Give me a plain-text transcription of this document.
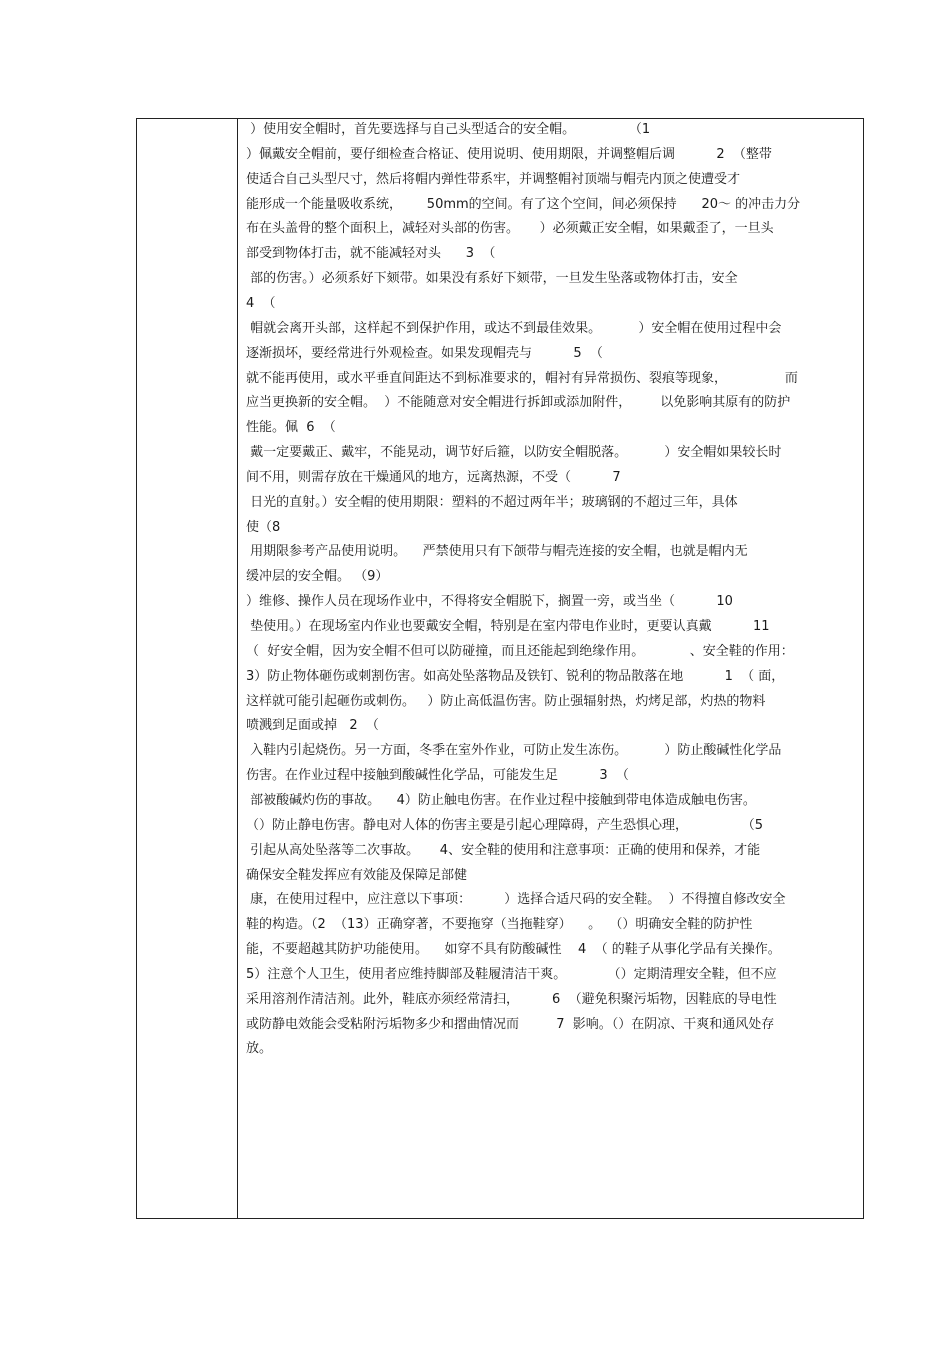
）使用安全帽时，首先要选择与自己头型适合的安全帽。             （1
）佩戴安全帽前，要仔细检查合格证、使用说明、使用期限，并调整帽后调          2  （整带
使适合自己头型尺寸，然后将帽内弹性带系牢，并调整帽衬顶端与帽壳内顶之使遭受才
能形成一个能量吸收系统，      50mm的空间。有了这个空间，间必须保持      20～ 的冲击力分
布在头盖骨的整个面积上，减轻对头部的伤害。     ）必须戴正安全帽，如果戴歪了，一旦头
部受到物体打击，就不能减轻对头      3  （
部的伤害。）必须系好下颏带。如果没有系好下颏带，一旦发生坠落或物体打击，安全
4  （
帽就会离开头部，这样起不到保护作用，或达不到最佳效果。         ）安全帽在使用过程中会
逐渐损坏，要经常进行外观检查。如果发现帽壳与          5  （
就不能再使用，或水平垂直间距达不到标准要求的，帽衬有异常损伤、裂痕等现象，              而
应当更换新的安全帽。  ）不能随意对安全帽进行拆卸或添加附件，       以免影响其原有的防护
性能。佩  6  （
戴一定要戴正、戴牢，不能晃动，调节好后箍，以防安全帽脱落。         ）安全帽如果较长时
间不用，则需存放在干燥通风的地方，远离热源，不受（          7
日光的直射。）安全帽的使用期限：塑料的不超过两年半；玻璃钢的不超过三年，具体
使（8
用期限参考产品使用说明。    严禁使用只有下颌带与帽壳连接的安全帽，也就是帽内无
缓冲层的安全帽。 （9）
）维修、操作人员在现场作业中，不得将安全帽脱下，搁置一旁，或当坐（          10
垫使用。）在现场室内作业也要戴安全帽，特别是在室内带电作业时，更要认真戴          11
（  好安全帽，因为安全帽不但可以防碰撞，而且还能起到绝缘作用。           、安全鞋的作用：
3）防止物体砸伤或刺割伤害。如高处坠落物品及铁钉、锐利的物品散落在地          1  （ 面，
这样就可能引起砸伤或刺伤。   ）防止高低温伤害。防止强辐射热，灼烤足部，灼热的物料
喷溅到足面或掉   2  （
入鞋内引起烧伤。另一方面，冬季在室外作业，可防止发生冻伤。         ）防止酸碱性化学品
伤害。在作业过程中接触到酸碱性化学品，可能发生足          3  （
部被酸碱灼伤的事故。    4）防止触电伤害。在作业过程中接触到带电体造成触电伤害。
（）防止静电伤害。静电对人体的伤害主要是引起心理障碍，产生恐惧心理，             （5
引起从高处坠落等二次事故。     4、安全鞋的使用和注意事项：正确的使用和保养，才能
确保安全鞋发挥应有效能及保障足部健
康，在使用过程中，应注意以下事项：        ）选择合适尺码的安全鞋。  ）不得擅自修改安全
鞋的构造。（2  （13）正确穿著，不要拖穿（当拖鞋穿）    。  （）明确安全鞋的防护性
能，不要超越其防护功能使用。    如穿不具有防酸碱性    4  （ 的鞋子从事化学品有关操作。
5）注意个人卫生，使用者应维持脚部及鞋履清洁干爽。          （）定期清理安全鞋，但不应
采用溶剂作清洁剂。此外，鞋底亦须经常清扫，        6  （避免积聚污垢物，因鞋底的导电性
或防静电效能会受粘附污垢物多少和摺曲情况而         7  影响。（）在阴凉、干爽和通风处存
放。
